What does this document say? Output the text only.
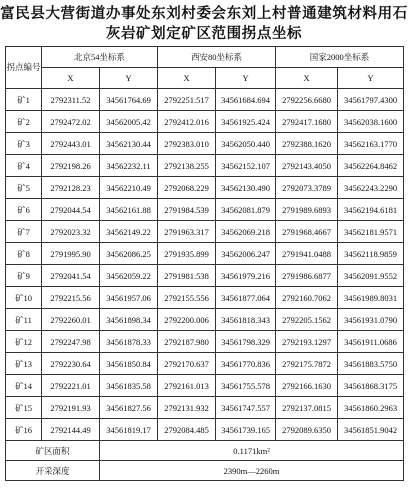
富民县大营街道办事处东刘村委会东刘上村普通建筑材料用石
灰岩矿划定矿区范围拐点坐标
拐点编号	北京54坐标系		西安80坐标系		国家2000坐标系	
	X	Y	X	Y	X	Y
矿1	2792311.52	34561764.69	2792251.517	34561684.694	2792256.6680	34561797.4300
矿2	2792472.02	34562005.42	2792412.016	34561925.424	2792417.1680	34562038.1600
矿3	2792443.01	34562130.44	2792383.010	34562050.440	2792388.1620	34562163.1770
矿4	2792198.26	34562232.11	2792138.255	34562152.107	2792143.4050	34562264.8462
矿5	2792128.23	34562210.49	2792068.229	34562130.490	2792073.3789	34562243.2290
矿6	2792044.54	34562161.88	2791984.539	34562081.879	2791989.6893	34562194.6181
矿7	2792023.32	34562149.22	2791963.317	34562069.218	2791968.4667	34562181.9571
矿8	2791995.90	34562086.25	2791935.899	34562006.247	2791941.0488	34562118.9859
矿9	2792041.54	34562059.22	2791981.538	34561979.216	2791986.6877	34562091.9552
矿10	2792215.56	34561957.06	2792155.556	34561877.064	2792160.7062	34561989.8031
矿11	2792260.01	34561898.34	2792200.006	34561818.343	2792205.1562	34561931.0790
矿12	2792247.98	34561878.33	2792187.980	34561798.329	2792193.1297	34561911.0686
矿13	2792230.64	34561850.84	2792170.637	34561770.836	2792175.7872	34561883.5750
矿14	2792221.01	34561835.58	2792161.013	34561755.578	2792166.1630	34561868.3175
矿15	2792191.93	34561827.56	2792131.932	34561747.557	2792137.0815	34561860.2963
矿16	2792144.49	34561819.17	2792084.485	34561739.165	2792089.6350	34561851.9042
矿区面积		0.1171km²				
开采深度		2390m—2260m				
